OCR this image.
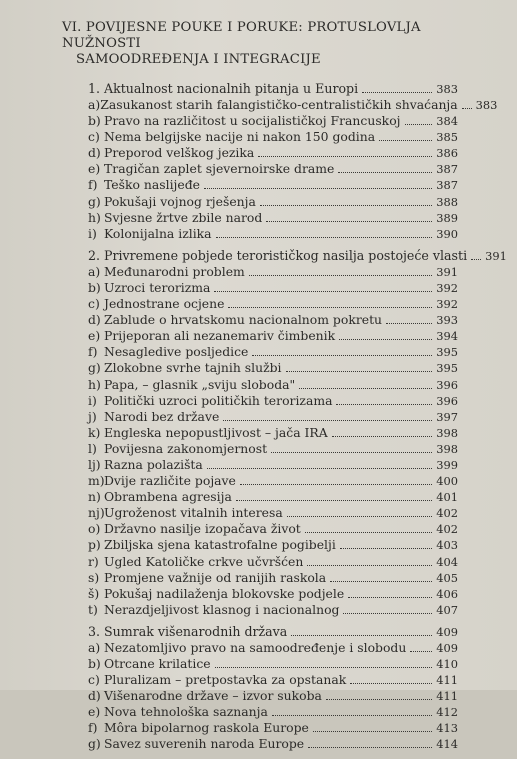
VI. POVIJESNE POUKE I PORUKE: PROTUSLOVLJA NUŽNOSTI
SAMOODREĐENJA I INTEGRACIJE
1. Aktualnost nacionalnih pitanja u Europi	383
a) Zasukanost starih falangističko-centralističkih shvaćanja 383
b) Pravo na različitost u socijalističkoj Francuskoj	384
c) Nema belgijske nacije ni nakon 150 godina	385
d) Preporod velškog jezika	386
e) Tragičan zaplet sjevernoirske drame	387
f) Teško naslijeđe	387
g) Pokušaji vojnog rješenja	388
h) Svjesne žrtve zbile narod	389
i) Kolonijalna izlika	390
2. Privremene pobjede terorističkog nasilja postojeće vlasti 391
a) Međunarodni problem	391
b) Uzroci terorizma	392
c) Jednostrane ocjene	392
d) Zablude o hrvatskomu nacionalnom pokretu	393
e) Prijeporan ali nezanemariv čimbenik	394
f) Nesagledive posljedice	395
g) Zlokobne svrhe tajnih službi	395
h) Papa, – glasnik „sviju sloboda"	396
i) Politički uzroci političkih terorizama	396
j) Narodi bez države	397
k) Engleska nepopustljivost – jača IRA	398
l) Povijesna zakonomjernost	398
lj) Razna polazišta	399
m) Dvije različite pojave	400
n) Obrambena agresija	401
nj) Ugroženost vitalnih interesa	402
o) Državno nasilje izopačava život	402
p) Zbiljska sjena katastrofalne pogibelji	403
r) Ugled Katoličke crkve učvršćen	404
s) Promjene važnije od ranijih raskola	405
š) Pokušaj nadilaženja blokovske podjele	406
t) Nerazdjeljivost klasnog i nacionalnog	407
3. Sumrak višenarodnih država	409
a) Nezatomljivo pravo na samoodređenje i slobodu	409
b) Otrcane krilatice	410
c) Pluralizam – pretpostavka za opstanak	411
d) Višenarodne države – izvor sukoba	411
e) Nova tehnološka saznanja	412
f) Môra bipolarnog raskola Europe	413
g) Savez suverenih naroda Europe	414
